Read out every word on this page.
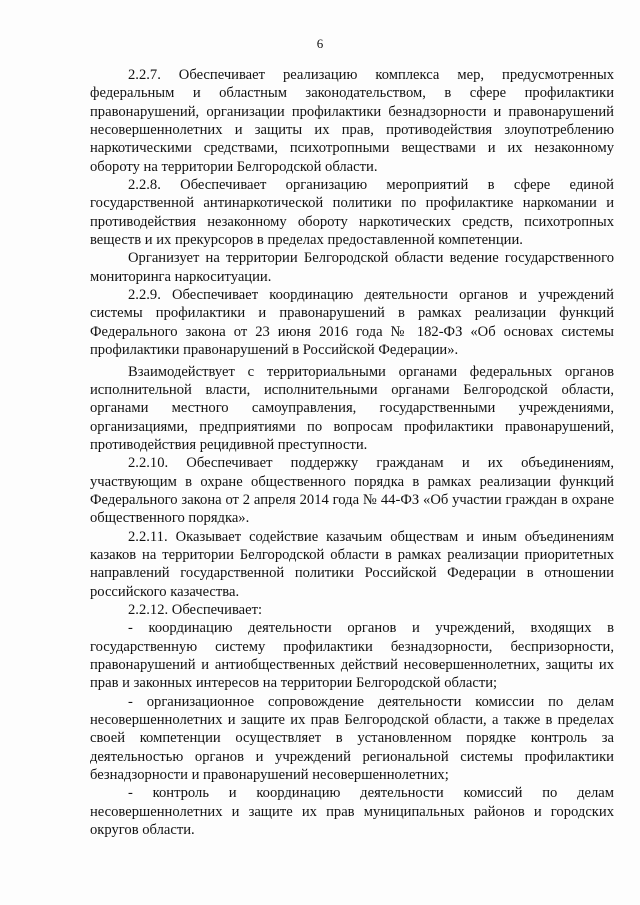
6

2.2.7. Обеспечивает реализацию комплекса мер, предусмотренных федеральным и областным законодательством, в сфере профилактики правонарушений, организации профилактики безнадзорности и правонарушений несовершеннолетних и защиты их прав, противодействия злоупотреблению наркотическими средствами, психотропными веществами и их незаконному обороту на территории Белгородской области.

2.2.8. Обеспечивает организацию мероприятий в сфере единой государственной антинаркотической политики по профилактике наркомании и противодействия незаконному обороту наркотических средств, психотропных веществ и их прекурсоров в пределах предоставленной компетенции.

Организует на территории Белгородской области ведение государственного мониторинга наркоситуации.

2.2.9. Обеспечивает координацию деятельности органов и учреждений системы профилактики и правонарушений в рамках реализации функций Федерального закона от 23 июня 2016 года № 182-ФЗ «Об основах системы профилактики правонарушений в Российской Федерации».

Взаимодействует с территориальными органами федеральных органов исполнительной власти, исполнительными органами Белгородской области, органами местного самоуправления, государственными учреждениями, организациями, предприятиями по вопросам профилактики правонарушений, противодействия рецидивной преступности.

2.2.10. Обеспечивает поддержку гражданам и их объединениям, участвующим в охране общественного порядка в рамках реализации функций Федерального закона от 2 апреля 2014 года № 44-ФЗ «Об участии граждан в охране общественного порядка».

2.2.11. Оказывает содействие казачьим обществам и иным объединениям казаков на территории Белгородской области в рамках реализации приоритетных направлений государственной политики Российской Федерации в отношении российского казачества.

2.2.12. Обеспечивает:

- координацию деятельности органов и учреждений, входящих в государственную систему профилактики безнадзорности, беспризорности, правонарушений и антиобщественных действий несовершеннолетних, защиты их прав и законных интересов на территории Белгородской области;

- организационное сопровождение деятельности комиссии по делам несовершеннолетних и защите их прав Белгородской области, а также в пределах своей компетенции осуществляет в установленном порядке контроль за деятельностью органов и учреждений региональной системы профилактики безнадзорности и правонарушений несовершеннолетних;

- контроль и координацию деятельности комиссий по делам несовершеннолетних и защите их прав муниципальных районов и городских округов области.
